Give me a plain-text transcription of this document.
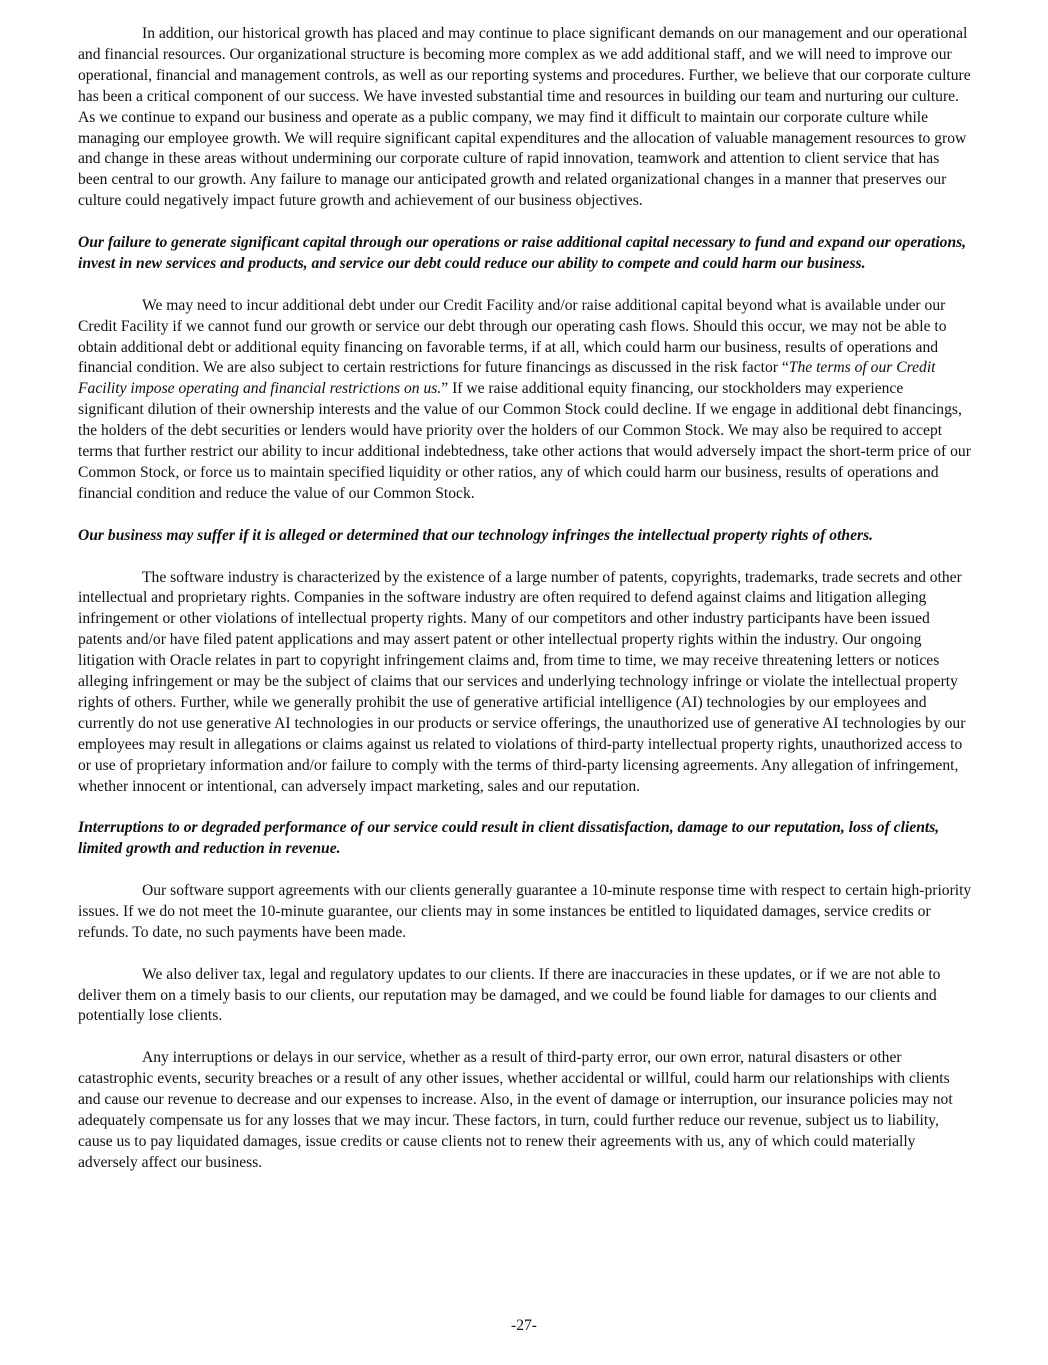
In addition, our historical growth has placed and may continue to place significant demands on our management and our operational and financial resources. Our organizational structure is becoming more complex as we add additional staff, and we will need to improve our operational, financial and management controls, as well as our reporting systems and procedures. Further, we believe that our corporate culture has been a critical component of our success. We have invested substantial time and resources in building our team and nurturing our culture. As we continue to expand our business and operate as a public company, we may find it difficult to maintain our corporate culture while managing our employee growth. We will require significant capital expenditures and the allocation of valuable management resources to grow and change in these areas without undermining our corporate culture of rapid innovation, teamwork and attention to client service that has been central to our growth. Any failure to manage our anticipated growth and related organizational changes in a manner that preserves our culture could negatively impact future growth and achievement of our business objectives.

Our failure to generate significant capital through our operations or raise additional capital necessary to fund and expand our operations, invest in new services and products, and service our debt could reduce our ability to compete and could harm our business.

We may need to incur additional debt under our Credit Facility and/or raise additional capital beyond what is available under our Credit Facility if we cannot fund our growth or service our debt through our operating cash flows. Should this occur, we may not be able to obtain additional debt or additional equity financing on favorable terms, if at all, which could harm our business, results of operations and financial condition. We are also subject to certain restrictions for future financings as discussed in the risk factor “The terms of our Credit Facility impose operating and financial restrictions on us.” If we raise additional equity financing, our stockholders may experience significant dilution of their ownership interests and the value of our Common Stock could decline. If we engage in additional debt financings, the holders of the debt securities or lenders would have priority over the holders of our Common Stock. We may also be required to accept terms that further restrict our ability to incur additional indebtedness, take other actions that would adversely impact the short-term price of our Common Stock, or force us to maintain specified liquidity or other ratios, any of which could harm our business, results of operations and financial condition and reduce the value of our Common Stock.

Our business may suffer if it is alleged or determined that our technology infringes the intellectual property rights of others.

The software industry is characterized by the existence of a large number of patents, copyrights, trademarks, trade secrets and other intellectual and proprietary rights. Companies in the software industry are often required to defend against claims and litigation alleging infringement or other violations of intellectual property rights. Many of our competitors and other industry participants have been issued patents and/or have filed patent applications and may assert patent or other intellectual property rights within the industry. Our ongoing litigation with Oracle relates in part to copyright infringement claims and, from time to time, we may receive threatening letters or notices alleging infringement or may be the subject of claims that our services and underlying technology infringe or violate the intellectual property rights of others. Further, while we generally prohibit the use of generative artificial intelligence (AI) technologies by our employees and currently do not use generative AI technologies in our products or service offerings, the unauthorized use of generative AI technologies by our employees may result in allegations or claims against us related to violations of third-party intellectual property rights, unauthorized access to or use of proprietary information and/or failure to comply with the terms of third-party licensing agreements. Any allegation of infringement, whether innocent or intentional, can adversely impact marketing, sales and our reputation.

Interruptions to or degraded performance of our service could result in client dissatisfaction, damage to our reputation, loss of clients, limited growth and reduction in revenue.

Our software support agreements with our clients generally guarantee a 10-minute response time with respect to certain high-priority issues. If we do not meet the 10-minute guarantee, our clients may in some instances be entitled to liquidated damages, service credits or refunds. To date, no such payments have been made.

We also deliver tax, legal and regulatory updates to our clients. If there are inaccuracies in these updates, or if we are not able to deliver them on a timely basis to our clients, our reputation may be damaged, and we could be found liable for damages to our clients and potentially lose clients.

Any interruptions or delays in our service, whether as a result of third-party error, our own error, natural disasters or other catastrophic events, security breaches or a result of any other issues, whether accidental or willful, could harm our relationships with clients and cause our revenue to decrease and our expenses to increase. Also, in the event of damage or interruption, our insurance policies may not adequately compensate us for any losses that we may incur. These factors, in turn, could further reduce our revenue, subject us to liability, cause us to pay liquidated damages, issue credits or cause clients not to renew their agreements with us, any of which could materially adversely affect our business.

-27-
